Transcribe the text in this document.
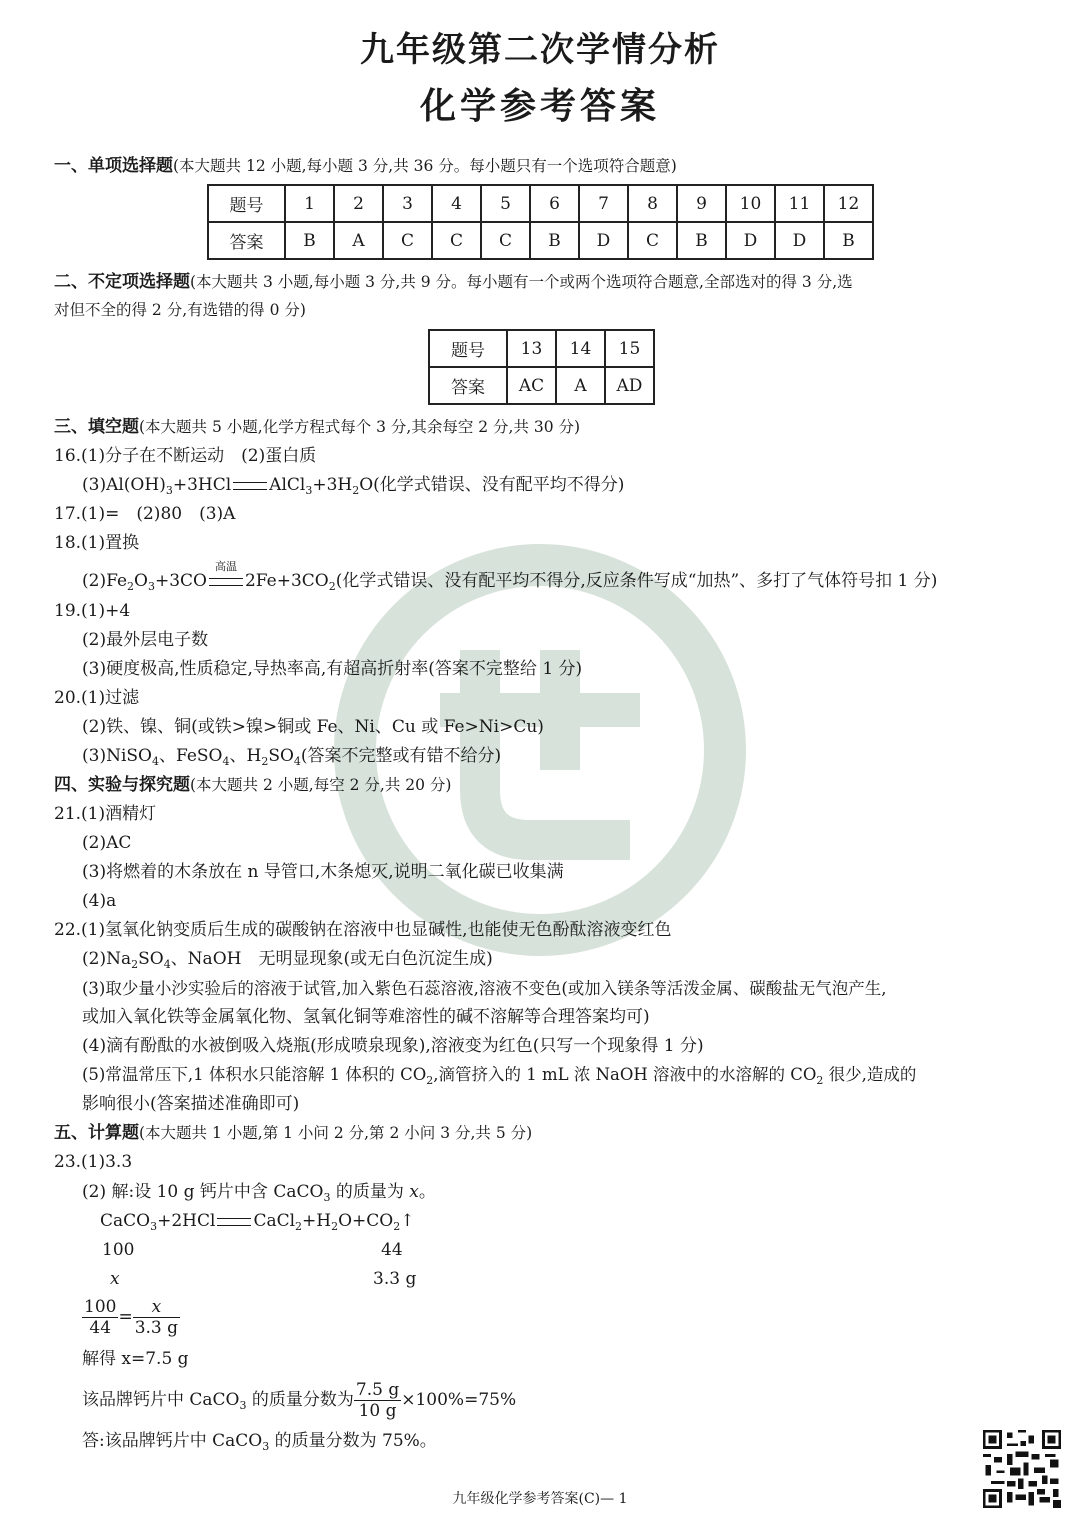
九年级第二次学情分析
化学参考答案
一、单项选择题(本大题共 12 小题,每小题 3 分,共 36 分。每小题只有一个选项符合题意)
题号	1	2	3	4	5	6	7	8	9	10	11	12
答案	B	A	C	C	C	B	D	C	B	D	D	B
二、不定项选择题(本大题共 3 小题,每小题 3 分,共 9 分。每小题有一个或两个选项符合题意,全部选对的得 3 分,选
对但不全的得 2 分,有选错的得 0 分)
题号	13	14	15
答案	AC	A	AD
三、填空题(本大题共 5 小题,化学方程式每个 3 分,其余每空 2 分,共 30 分)
16.(1)分子在不断运动　(2)蛋白质
$(3)Al(OH)_3+3HCl$ $AlCl_3+3H_2O$(化学式错误、没有配平均不得分)
17.(1)=　(2)80　(3)A
18.(1)置换
$(2)Fe_2O_3+3CO$
高温
$2Fe+3CO_2$(化学式错误、没有配平均不得分,反应条件写成“加热”、多打了气体符号扣 1 分)
19.(1)+4
(2)最外层电子数
(3)硬度极高,性质稳定,导热率高,有超高折射率(答案不完整给 1 分)
20.(1)过滤
(2)铁、镍、铜(或铁>镍>铜或 Fe、Ni、Cu 或 Fe>Ni>Cu)
(3)NiSO$_4$、FeSO$_4$、$H_2SO_4$(答案不完整或有错不给分)
四、实验与探究题(本大题共 2 小题,每空 2 分,共 20 分)
21.(1)酒精灯
(2)AC
(3)将燃着的木条放在 n 导管口,木条熄灭,说明二氧化碳已收集满
(4)a
22.(1)氢氧化钠变质后生成的碳酸钠在溶液中也显碱性,也能使无色酚酞溶液变红色
$(2)Na_2SO_4$、NaOH　无明显现象(或无白色沉淀生成)
(3)取少量小沙实验后的溶液于试管,加入紫色石蕊溶液,溶液不变色(或加入镁条等活泼金属、碳酸盐无气泡产生,
或加入氧化铁等金属氧化物、氢氧化铜等难溶性的碱不溶解等合理答案均可)
(4)滴有酚酞的水被倒吸入烧瓶(形成喷泉现象),溶液变为红色(只写一个现象得 1 分)
(5)常温常压下,1 体积水只能溶解 1 体积的 $CO_2$,滴管挤入的 1 mL 浓 NaOH 溶液中的水溶解的 $CO_2$ 很少,造成的
影响很小(答案描述准确即可)
五、计算题(本大题共 1 小题,第 1 小问 2 分,第 2 小问 3 分,共 5 分)
23.(1)3.3
(2) 解:设 10 g 钙片中含 CaCO$_3$ 的质量为 x。
CaCO$_3$+2HCl $CaCl_2+H_2O+CO_2↑$
100	44
x	3.3 g
$\frac{100}{44} = \frac{x}{3.3 g}$
解得 x=7.5 g
该品牌钙片中 CaCO$_3$ 的质量分数为 $\frac{7.5 g}{10 g} \times 100\%=75\%$
答:该品牌钙片中 CaCO$_3$ 的质量分数为 75%。
九年级化学参考答案(C)— 1
